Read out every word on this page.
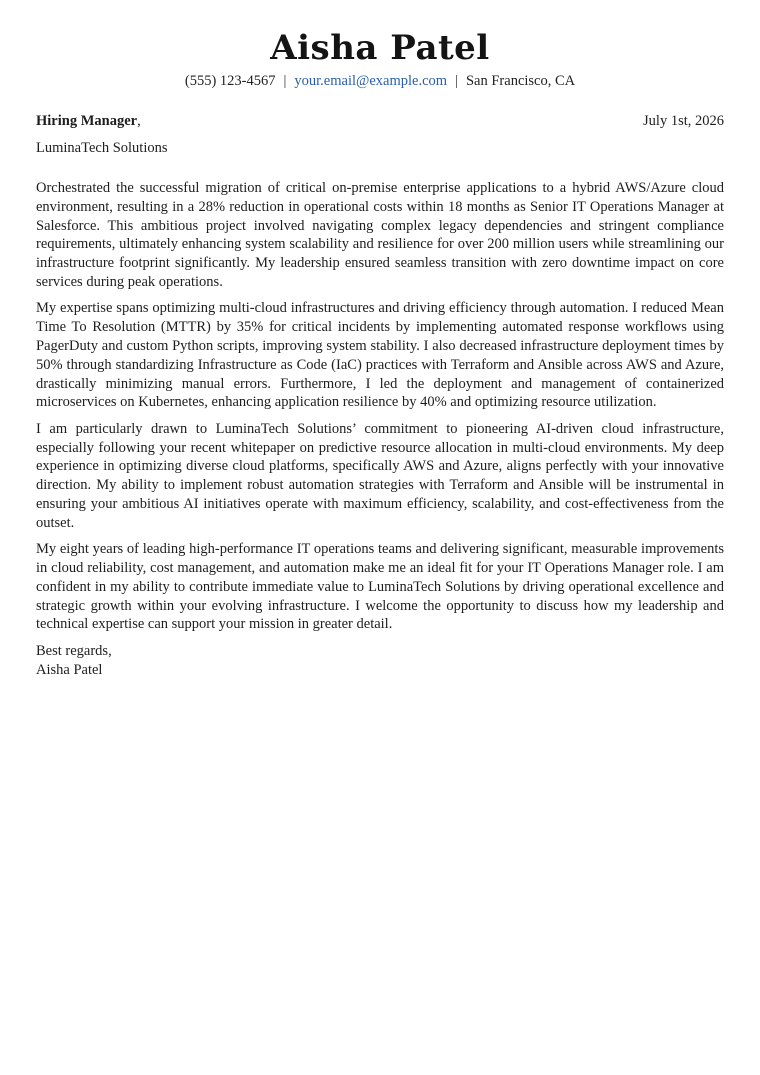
Aisha Patel
(555) 123-4567 | your.email@example.com | San Francisco, CA
Hiring Manager,	July 1st, 2026
LuminaTech Solutions

Orchestrated the successful migration of critical on-premise enterprise applications to a hybrid AWS/Azure cloud environment, resulting in a 28% reduction in operational costs within 18 months as Senior IT Operations Manager at Salesforce. This ambitious project involved navigating complex legacy dependencies and stringent compliance requirements, ultimately enhancing system scalability and resilience for over 200 million users while streamlining our infrastructure footprint significantly. My leadership ensured seamless transition with zero downtime impact on core services during peak operations.

My expertise spans optimizing multi-cloud infrastructures and driving efficiency through automation. I reduced Mean Time To Resolution (MTTR) by 35% for critical incidents by implementing automated response workflows using PagerDuty and custom Python scripts, improving system stability. I also decreased infrastructure deployment times by 50% through standardizing Infrastructure as Code (IaC) practices with Terraform and Ansible across AWS and Azure, drastically minimizing manual errors. Furthermore, I led the deployment and management of containerized microservices on Kubernetes, enhancing application resilience by 40% and optimizing resource utilization.

I am particularly drawn to LuminaTech Solutions’ commitment to pioneering AI-driven cloud infrastructure, especially following your recent whitepaper on predictive resource allocation in multi-cloud environments. My deep experience in optimizing diverse cloud platforms, specifically AWS and Azure, aligns perfectly with your innovative direction. My ability to implement robust automation strategies with Terraform and Ansible will be instrumental in ensuring your ambitious AI initiatives operate with maximum efficiency, scalability, and cost-effectiveness from the outset.

My eight years of leading high-performance IT operations teams and delivering significant, measurable improvements in cloud reliability, cost management, and automation make me an ideal fit for your IT Operations Manager role. I am confident in my ability to contribute immediate value to LuminaTech Solutions by driving operational excellence and strategic growth within your evolving infrastructure. I welcome the opportunity to discuss how my leadership and technical expertise can support your mission in greater detail.

Best regards,
Aisha Patel
